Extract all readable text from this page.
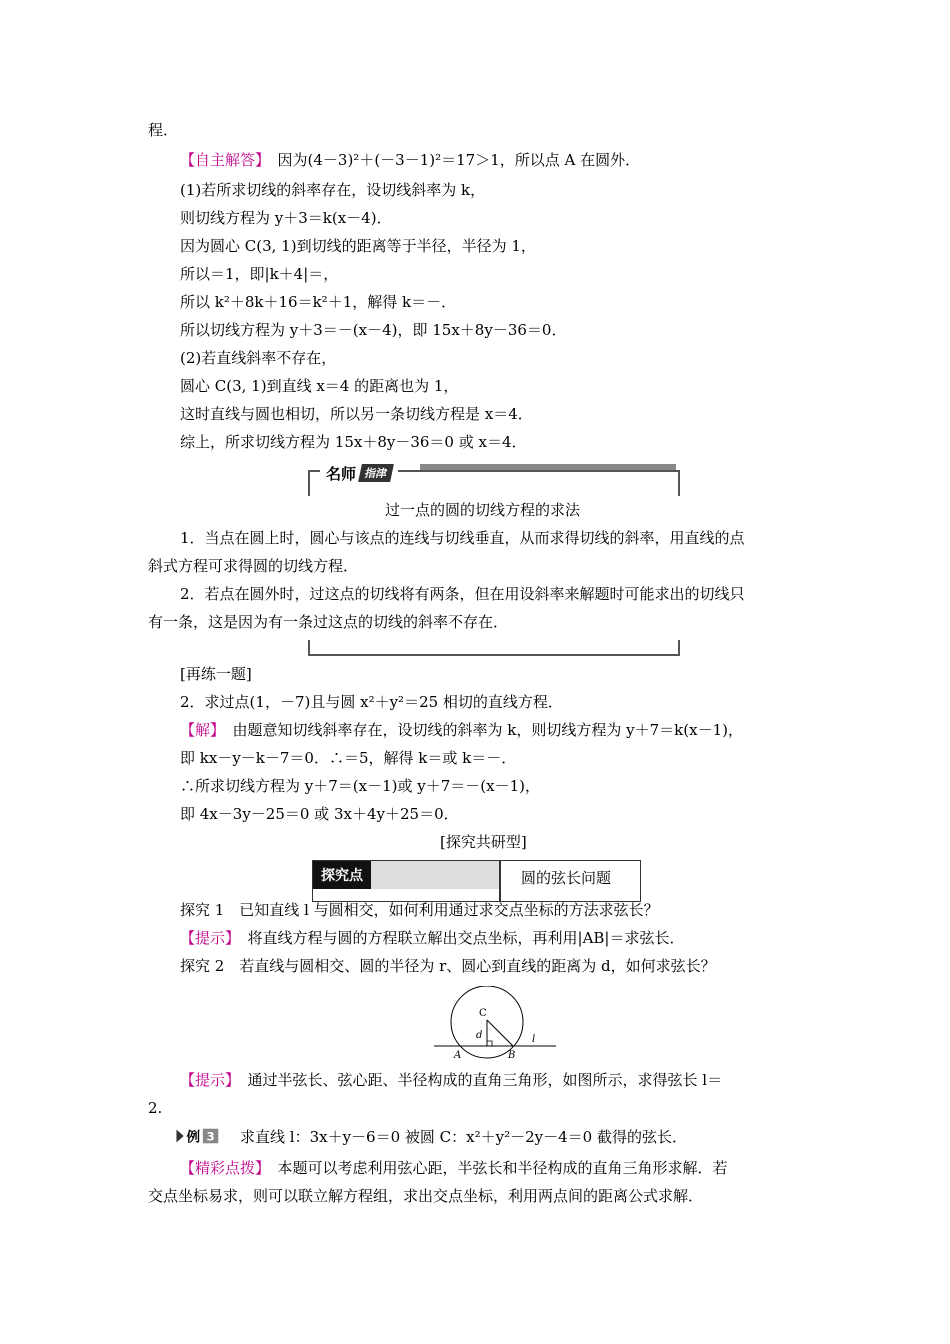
程．
【自主解答】　因为(4－3)²＋(－3－1)²＝17＞1，所以点 A 在圆外．
(1)若所求切线的斜率存在，设切线斜率为 k，
则切线方程为 y＋3＝k(x－4)．
因为圆心 C(3, 1)到切线的距离等于半径，半径为 1，
所以＝1，即|k＋4|＝，
所以 k²＋8k＋16＝k²＋1，解得 k＝－．
所以切线方程为 y＋3＝－(x－4)，即 15x＋8y－36＝0．
(2)若直线斜率不存在，
圆心 C(3, 1)到直线 x＝4 的距离也为 1，
这时直线与圆也相切，所以另一条切线方程是 x＝4．
综上，所求切线方程为 15x＋8y－36＝0 或 x＝4．
名师 指津
过一点的圆的切线方程的求法
1．当点在圆上时，圆心与该点的连线与切线垂直，从而求得切线的斜率，用直线的点
斜式方程可求得圆的切线方程．
2．若点在圆外时，过这点的切线将有两条，但在用设斜率来解题时可能求出的切线只
有一条，这是因为有一条过这点的切线的斜率不存在．
[再练一题]
2．求过点(1，－7)且与圆 x²＋y²＝25 相切的直线方程．
【解】　由题意知切线斜率存在，设切线的斜率为 k，则切线方程为 y＋7＝k(x－1)，
即 kx－y－k－7＝0．∴＝5，解得 k＝或 k＝－．
∴所求切线方程为 y＋7＝(x－1)或 y＋7＝－(x－1)，
即 4x－3y－25＝0 或 3x＋4y＋25＝0．
[探究共研型]
探究点	圆的弦长问题
探究 1　已知直线 l 与圆相交，如何利用通过求交点坐标的方法求弦长？
【提示】　将直线方程与圆的方程联立解出交点坐标，再利用|AB|＝求弦长．
探究 2　若直线与圆相交、圆的半径为 r、圆心到直线的距离为 d，如何求弦长？
C
d	l
A	B
【提示】　通过半弦长、弦心距、半径构成的直角三角形，如图所示，求得弦长 l＝
2.
例 3 求直线 l：3x＋y－6＝0 被圆 C：x²＋y²－2y－4＝0 截得的弦长．
【精彩点拨】　本题可以考虑利用弦心距，半弦长和半径构成的直角三角形求解．若
交点坐标易求，则可以联立解方程组，求出交点坐标，利用两点间的距离公式求解．
